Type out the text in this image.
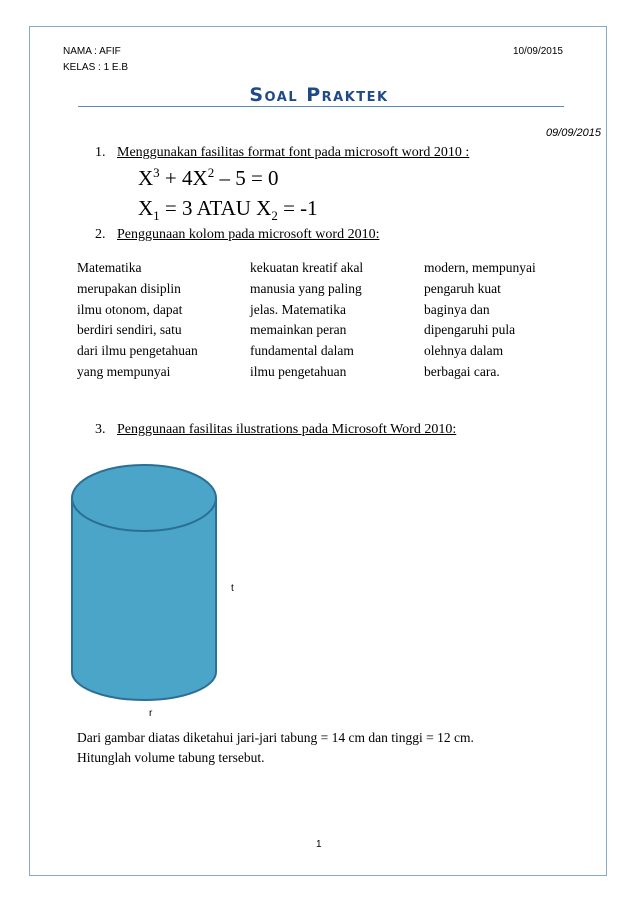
NAMA : AFIF
KELAS : 1 E.B
10/09/2015
Soal Praktek
09/09/2015
1. Menggunakan fasilitas format font pada microsoft word 2010 :
$X^3 + 4X^2 - 5 = 0$
$X_1 = 3$ ATAU $X_2 = -1$
2. Penggunaan kolom pada microsoft word 2010:
Matematika
merupakan disiplin
ilmu otonom, dapat
berdiri sendiri, satu
dari ilmu pengetahuan
yang mempunyai
kekuatan kreatif akal
manusia yang paling
jelas. Matematika
memainkan peran
fundamental dalam
ilmu pengetahuan
modern, mempunyai
pengaruh kuat
baginya dan
dipengaruhi pula
olehnya dalam
berbagai cara.
3. Penggunaan fasilitas ilustrations pada Microsoft Word 2010:
t
r
Dari gambar diatas diketahui jari-jari tabung = 14 cm dan tinggi = 12 cm.
Hitunglah volume tabung tersebut.
1
